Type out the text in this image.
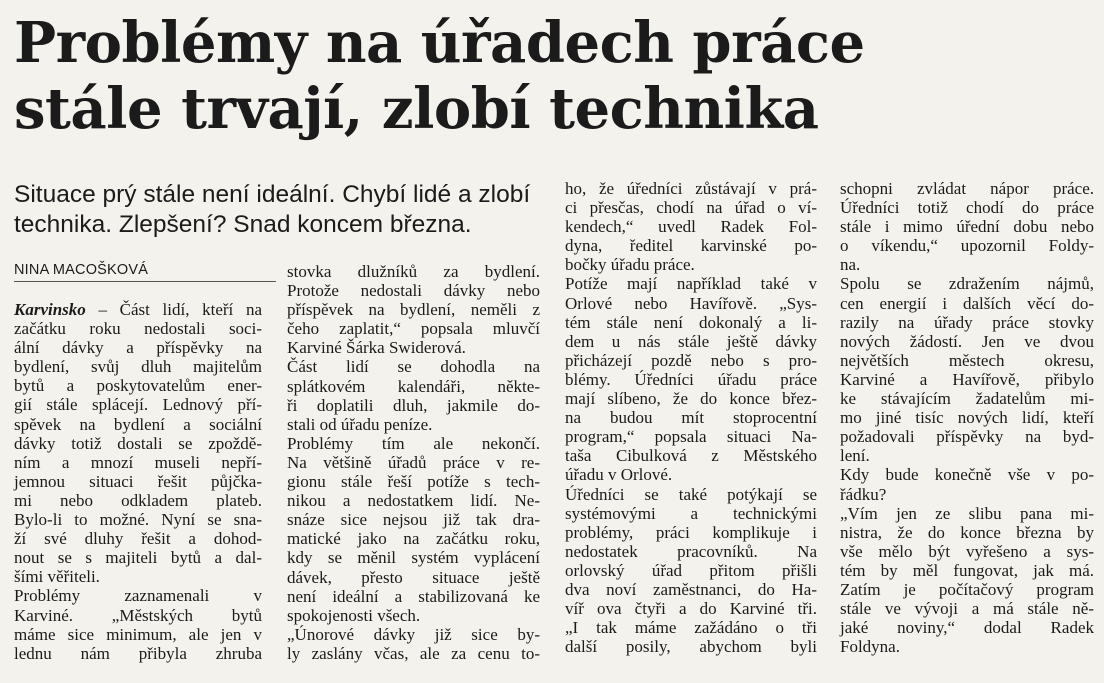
Problémy na úřadech práce
stále trvají, zlobí technika
Situace prý stále není ideální. Chybí lidé a zlobí
technika. Zlepšení? Snad koncem března.
NINA MACOŠKOVÁ
Karvinsko – Část lidí, kteří na
začátku roku nedostali soci-
ální dávky a příspěvky na
bydlení, svůj dluh majitelům
bytů a poskytovatelům ener-
gií stále splácejí. Lednový pří-
spěvek na bydlení a sociální
dávky totiž dostali se zpoždě-
ním a mnozí museli nepří-
jemnou situaci řešit půjčka-
mi nebo odkladem plateb.
Bylo-li to možné. Nyní se sna-
ží své dluhy řešit a dohod-
nout se s majiteli bytů a dal-
šími věřiteli.
Problémy zaznamenali v
Karviné. „Městských bytů
máme sice minimum, ale jen v
lednu nám přibyla zhruba
stovka dlužníků za bydlení.
Protože nedostali dávky nebo
příspěvek na bydlení, neměli z
čeho zaplatit,“ popsala mluvčí
Karviné Šárka Swiderová.
Část lidí se dohodla na
splátkovém kalendáři, někte-
ři doplatili dluh, jakmile do-
stali od úřadu peníze.
Problémy tím ale nekončí.
Na většině úřadů práce v re-
gionu stále řeší potíže s tech-
nikou a nedostatkem lidí. Ne-
snáze sice nejsou již tak dra-
matické jako na začátku roku,
kdy se měnil systém vyplácení
dávek, přesto situace ještě
není ideální a stabilizovaná ke
spokojenosti všech.
„Únorové dávky již sice by-
ly zaslány včas, ale za cenu to-
ho, že úředníci zůstávají v prá-
ci přesčas, chodí na úřad o ví-
kendech,“ uvedl Radek Fol-
dyna, ředitel karvinské po-
bočky úřadu práce.
Potíže mají například také v
Orlové nebo Havířově. „Sys-
tém stále není dokonalý a li-
dem u nás stále ještě dávky
přicházejí pozdě nebo s pro-
blémy. Úředníci úřadu práce
mají slíbeno, že do konce břez-
na budou mít stoprocentní
program,“ popsala situaci Na-
taša Cibulková z Městského
úřadu v Orlové.
Úředníci se také potýkají se
systémovými a technickými
problémy, práci komplikuje i
nedostatek pracovníků. Na
orlovský úřad přitom přišli
dva noví zaměstnanci, do Ha-
víř ova čtyři a do Karviné tři.
„I tak máme zažádáno o tři
další posily, abychom byli
schopni zvládat nápor práce.
Úředníci totiž chodí do práce
stále i mimo úřední dobu nebo
o víkendu,“ upozornil Foldy-
na.
Spolu se zdražením nájmů,
cen energií i dalších věcí do-
razily na úřady práce stovky
nových žádostí. Jen ve dvou
největších městech okresu,
Karviné a Havířově, přibylo
ke stávajícím žadatelům mi-
mo jiné tisíc nových lidí, kteří
požadovali příspěvky na byd-
lení.
Kdy bude konečně vše v po-
řádku?
„Vím jen ze slibu pana mi-
nistra, že do konce března by
vše mělo být vyřešeno a sys-
tém by měl fungovat, jak má.
Zatím je počítačový program
stále ve vývoji a má stále ně-
jaké noviny,“ dodal Radek
Foldyna.
